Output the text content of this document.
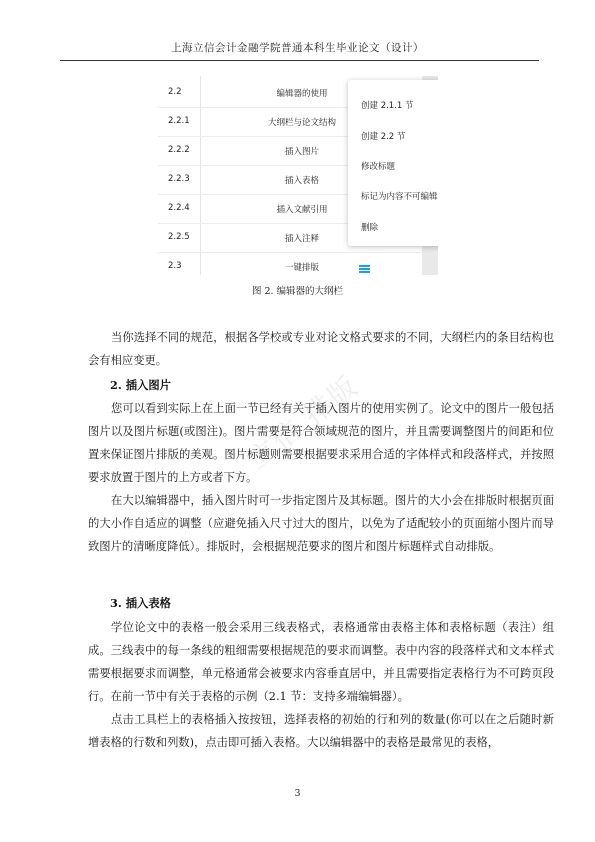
上海立信会计金融学院普通本科生毕业论文（设计）
2.2	编辑器的使用
2.2.1	大纲栏与论文结构
2.2.2	插入图片
2.2.3	插入表格
2.2.4	插入文献引用
2.2.5	插入注释
2.3	一键排版
创建 2.1.1 节
创建 2.2 节
修改标题
标记为内容不可编辑
删除
图 2. 编辑器的大纲栏
立信 排版

当你选择不同的规范，根据各学校或专业对论文格式要求的不同，大纲栏内的条目结构也会有相应变更。

2. 插入图片

您可以看到实际上在上面一节已经有关于插入图片的使用实例了。论文中的图片一般包括图片以及图片标题(或图注)。图片需要是符合领域规范的图片，并且需要调整图片的间距和位置来保证图片排版的美观。图片标题则需要根据要求采用合适的字体样式和段落样式，并按照要求放置于图片的上方或者下方。

在大以编辑器中，插入图片时可一步指定图片及其标题。图片的大小会在排版时根据页面的大小作自适应的调整（应避免插入尺寸过大的图片，以免为了适配较小的页面缩小图片而导致图片的清晰度降低）。排版时，会根据规范要求的图片和图片标题样式自动排版。

3. 插入表格

学位论文中的表格一般会采用三线表格式，表格通常由表格主体和表格标题（表注）组成。三线表中的每一条线的粗细需要根据规范的要求而调整。表中内容的段落样式和文本样式需要根据要求而调整，单元格通常会被要求内容垂直居中，并且需要指定表格行为不可跨页段行。在前一节中有关于表格的示例（2.1 节：支持多端编辑器）。

点击工具栏上的表格插入按按钮，选择表格的初始的行和列的数量(你可以在之后随时新增表格的行数和列数)，点击即可插入表格。大以编辑器中的表格是最常见的表格，

3
